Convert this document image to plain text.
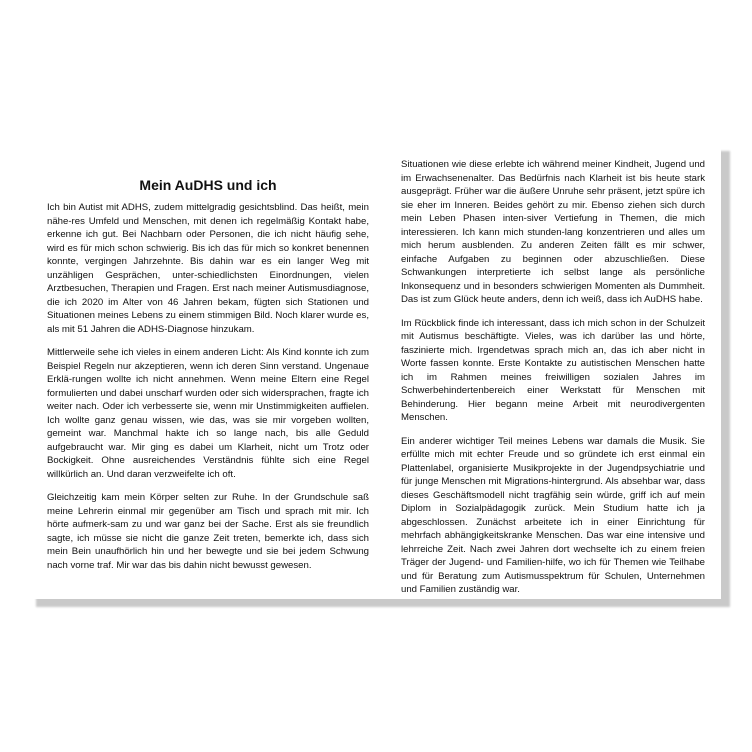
Mein AuDHS und ich

Ich bin Autist mit ADHS, zudem mittelgradig gesichtsblind. Das heißt, mein nähe-res Umfeld und Menschen, mit denen ich regelmäßig Kontakt habe, erkenne ich gut. Bei Nachbarn oder Personen, die ich nicht häufig sehe, wird es für mich schon schwierig. Bis ich das für mich so konkret benennen konnte, vergingen Jahrzehnte. Bis dahin war es ein langer Weg mit unzähligen Gesprächen, unter-schiedlichsten Einordnungen, vielen Arztbesuchen, Therapien und Fragen. Erst nach meiner Autismusdiagnose, die ich 2020 im Alter von 46 Jahren bekam, fügten sich Stationen und Situationen meines Lebens zu einem stimmigen Bild. Noch klarer wurde es, als mit 51 Jahren die ADHS-Diagnose hinzukam.

Mittlerweile sehe ich vieles in einem anderen Licht: Als Kind konnte ich zum Beispiel Regeln nur akzeptieren, wenn ich deren Sinn verstand. Ungenaue Erklä-rungen wollte ich nicht annehmen. Wenn meine Eltern eine Regel formulierten und dabei unscharf wurden oder sich widersprachen, fragte ich weiter nach. Oder ich verbesserte sie, wenn mir Unstimmigkeiten auffielen. Ich wollte ganz genau wissen, wie das, was sie mir vorgeben wollten, gemeint war. Manchmal hakte ich so lange nach, bis alle Geduld aufgebraucht war. Mir ging es dabei um Klarheit, nicht um Trotz oder Bockigkeit. Ohne ausreichendes Verständnis fühlte sich eine Regel willkürlich an. Und daran verzweifelte ich oft.

Gleichzeitig kam mein Körper selten zur Ruhe. In der Grundschule saß meine Lehrerin einmal mir gegenüber am Tisch und sprach mit mir. Ich hörte aufmerk-sam zu und war ganz bei der Sache. Erst als sie freundlich sagte, ich müsse sie nicht die ganze Zeit treten, bemerkte ich, dass sich mein Bein unaufhörlich hin und her bewegte und sie bei jedem Schwung nach vorne traf. Mir war das bis dahin nicht bewusst gewesen.

Situationen wie diese erlebte ich während meiner Kindheit, Jugend und im Erwachsenenalter. Das Bedürfnis nach Klarheit ist bis heute stark ausgeprägt. Früher war die äußere Unruhe sehr präsent, jetzt spüre ich sie eher im Inneren. Beides gehört zu mir. Ebenso ziehen sich durch mein Leben Phasen inten-siver Vertiefung in Themen, die mich interessieren. Ich kann mich stunden-lang konzentrieren und alles um mich herum ausblenden. Zu anderen Zeiten fällt es mir schwer, einfache Aufgaben zu beginnen oder abzuschließen. Diese Schwankungen interpretierte ich selbst lange als persönliche Inkonsequenz und in besonders schwierigen Momenten als Dummheit. Das ist zum Glück heute anders, denn ich weiß, dass ich AuDHS habe.

Im Rückblick finde ich interessant, dass ich mich schon in der Schulzeit mit Autismus beschäftigte. Vieles, was ich darüber las und hörte, faszinierte mich. Irgendetwas sprach mich an, das ich aber nicht in Worte fassen konnte. Erste Kontakte zu autistischen Menschen hatte ich im Rahmen meines freiwilligen sozialen Jahres im Schwerbehindertenbereich einer Werkstatt für Menschen mit Behinderung. Hier begann meine Arbeit mit neurodivergenten Menschen.

Ein anderer wichtiger Teil meines Lebens war damals die Musik. Sie erfüllte mich mit echter Freude und so gründete ich erst einmal ein Plattenlabel, organisierte Musikprojekte in der Jugendpsychiatrie und für junge Menschen mit Migrations-hintergrund. Als absehbar war, dass dieses Geschäftsmodell nicht tragfähig sein würde, griff ich auf mein Diplom in Sozialpädagogik zurück. Mein Studium hatte ich ja abgeschlossen. Zunächst arbeitete ich in einer Einrichtung für mehrfach abhängigkeitskranke Menschen. Das war eine intensive und lehrreiche Zeit. Nach zwei Jahren dort wechselte ich zu einem freien Träger der Jugend- und Familien-hilfe, wo ich für Themen wie Teilhabe und für Beratung zum Autismusspektrum für Schulen, Unternehmen und Familien zuständig war.
